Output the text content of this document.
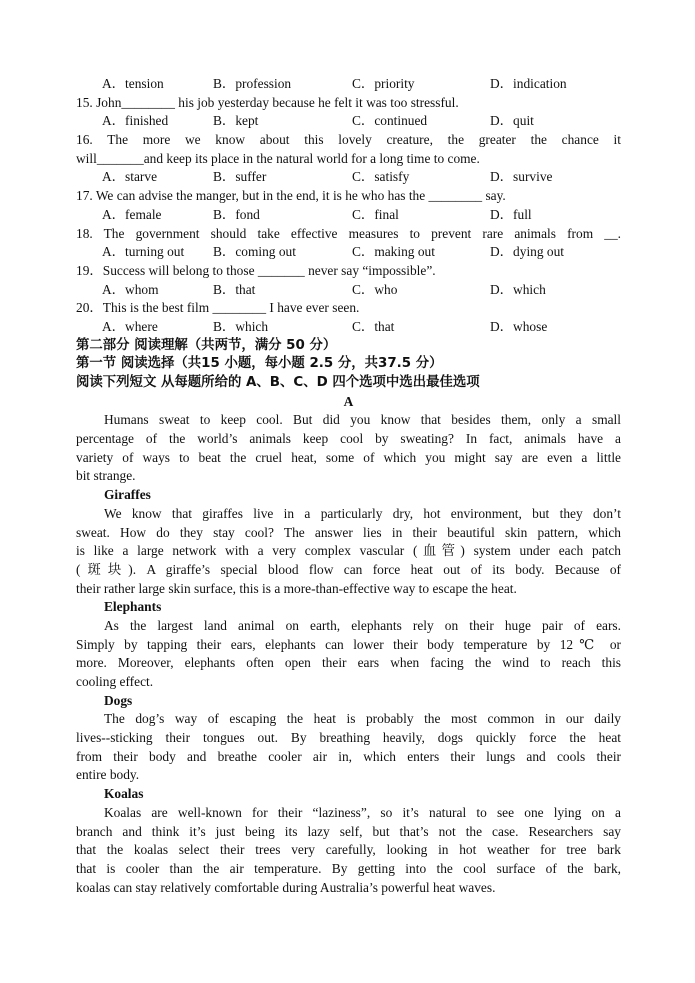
A．tension	B．profession	C．priority	D．indication
15. John________ his job yesterday because he felt it was too stressful.
A．finished	B．kept	C．continued	D．quit
16. The more we know about this lovely creature, the greater the chance it
will_______and keep its place in the natural world for a long time to come.
A．starve	B．suffer	C．satisfy	D．survive
17. We can advise the manger, but in the end, it is he who has the ________ say.
A．female	B．fond	C．final	D．full
18. The government should take effective measures to prevent rare animals from __.
A．turning out B．coming out	C．making out	D．dying out
19．Success will belong to those _______ never say “impossible”.
A．whom	B．that	C．who	D．which
20．This is the best film ________ I have ever seen.
A．where	B．which	C．that	D．whose
第二部分 阅读理解（共两节，满分 50 分）
第一节 阅读选择（共15 小题，每小题 2.5 分，共37.5 分）
阅读下列短文 从每题所给的 A、B、C、D 四个选项中选出最佳选项
A
Humans sweat to keep cool. But did you know that besides them, only a small
percentage of the world’s animals keep cool by sweating? In fact, animals have a
variety of ways to beat the cruel heat, some of which you might say are even a little
bit strange.
Giraffes
We know that giraffes live in a particularly dry, hot environment, but they don’t
sweat. How do they stay cool? The answer lies in their beautiful skin pattern, which
is like a large network with a very complex vascular (血管) system under each patch
(斑块). A giraffe’s special blood flow can force heat out of its body. Because of
their rather large skin surface, this is a more-than-effective way to escape the heat.
Elephants
As the largest land animal on earth, elephants rely on their huge pair of ears.
Simply by tapping their ears, elephants can lower their body temperature by 12℃ or
more. Moreover, elephants often open their ears when facing the wind to reach this
cooling effect.
Dogs
The dog’s way of escaping the heat is probably the most common in our daily
lives--sticking their tongues out. By breathing heavily, dogs quickly force the heat
from their body and breathe cooler air in, which enters their lungs and cools their
entire body.
Koalas
Koalas are well-known for their “laziness”, so it’s natural to see one lying on a
branch and think it’s just being its lazy self, but that’s not the case. Researchers say
that the koalas select their trees very carefully, looking in hot weather for tree bark
that is cooler than the air temperature. By getting into the cool surface of the bark,
koalas can stay relatively comfortable during Australia’s powerful heat waves.
